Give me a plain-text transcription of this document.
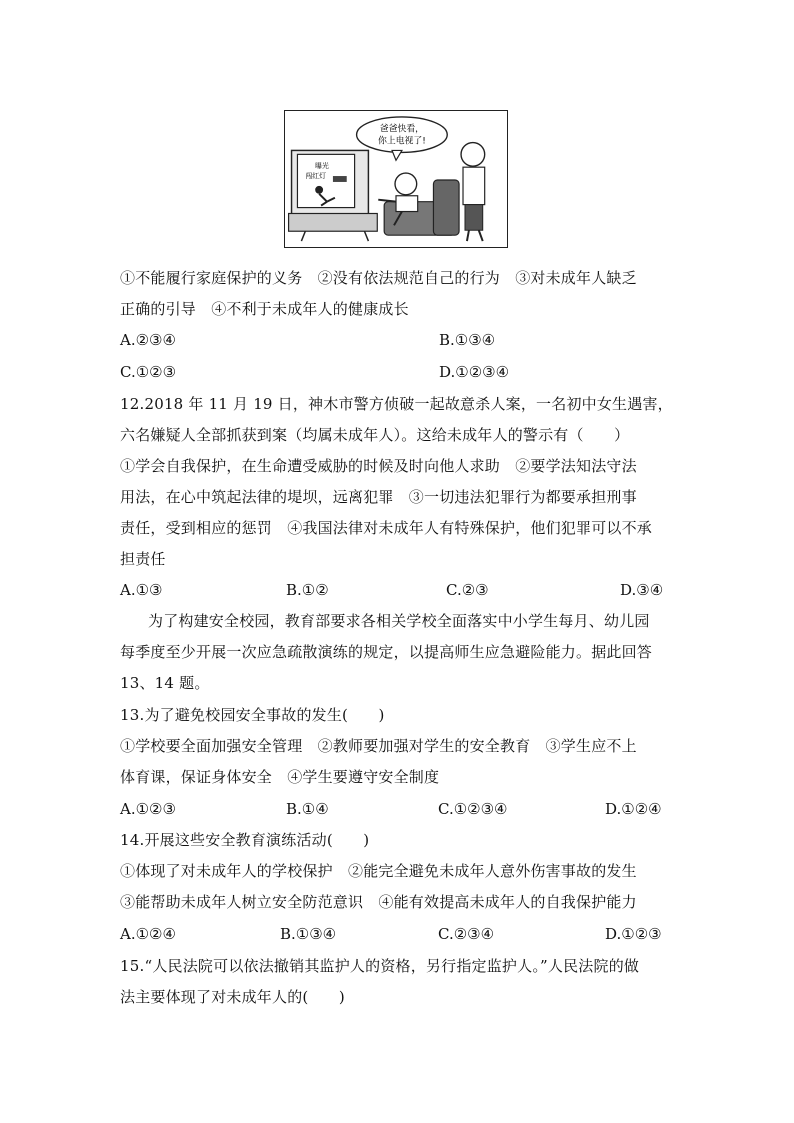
曝光
闯红灯
爸爸快看，
你上电视了!
①不能履行家庭保护的义务　②没有依法规范自己的行为　③对未成年人缺乏
正确的引导　④不利于未成年人的健康成长
A.②③④	B.①③④
C.①②③	D.①②③④
12.2018 年 11 月 19 日，神木市警方侦破一起故意杀人案，一名初中女生遇害，
六名嫌疑人全部抓获到案（均属未成年人）。这给未成年人的警示有（　　）
①学会自我保护，在生命遭受威胁的时候及时向他人求助　②要学法知法守法
用法，在心中筑起法律的堤坝，远离犯罪　③一切违法犯罪行为都要承担刑事
责任，受到相应的惩罚　④我国法律对未成年人有特殊保护，他们犯罪可以不承
担责任
A.①③	B.①②	C.②③	D.③④
为了构建安全校园，教育部要求各相关学校全面落实中小学生每月、幼儿园
每季度至少开展一次应急疏散演练的规定，以提高师生应急避险能力。据此回答
13、14 题。
13.为了避免校园安全事故的发生(　　)
①学校要全面加强安全管理　②教师要加强对学生的安全教育　③学生应不上
体育课，保证身体安全　④学生要遵守安全制度
A.①②③	B.①④	C.①②③④	D.①②④
14.开展这些安全教育演练活动(　　)
①体现了对未成年人的学校保护　②能完全避免未成年人意外伤害事故的发生
③能帮助未成年人树立安全防范意识　④能有效提高未成年人的自我保护能力
A.①②④	B.①③④	C.②③④	D.①②③
15.“人民法院可以依法撤销其监护人的资格，另行指定监护人。”人民法院的做
法主要体现了对未成年人的(　　)
